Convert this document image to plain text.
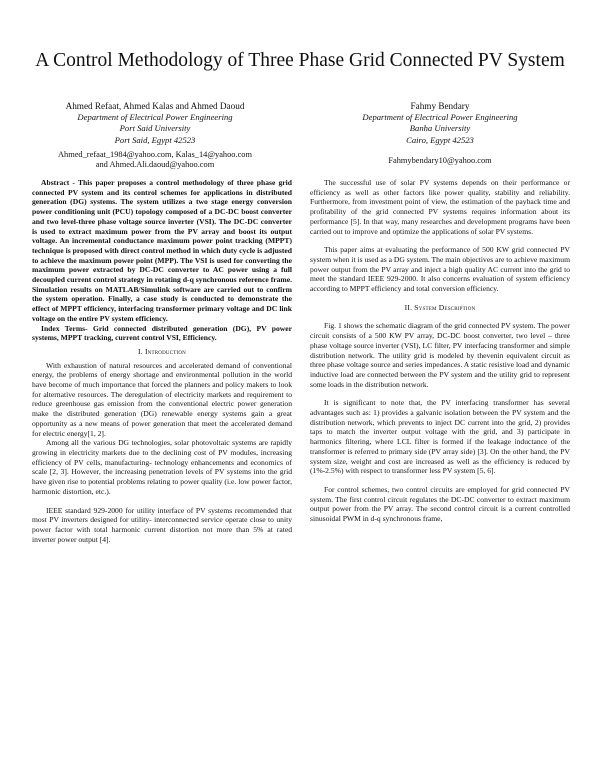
A Control Methodology of Three Phase Grid Connected PV System
Ahmed Refaat, Ahmed Kalas and Ahmed Daoud
Department of Electrical Power Engineering
Port Said University
Port Said, Egypt 42523
Ahmed_refaat_1984@yahoo.com, Kalas_14@yahoo.com
and Ahmed.Ali.daoud@yahoo.com
Fahmy Bendary
Department of Electrical Power Engineering
Banha University
Cairo, Egypt 42523
Fahmybendary10@yahoo.com

Abstract - This paper proposes a control methodology of three phase grid connected PV system and its control schemes for applications in distributed generation (DG) systems. The system utilizes a two stage energy conversion power conditioning unit (PCU) topology composed of a DC-DC boost converter and two level-three phase voltage source inverter (VSI). The DC-DC converter is used to extract maximum power from the PV array and boost its output voltage. An incremental conductance maximum power point tracking (MPPT) technique is proposed with direct control method in which duty cycle is adjusted to achieve the maximum power point (MPP). The VSI is used for converting the maximum power extracted by DC-DC converter to AC power using a full decoupled current control strategy in rotating d-q synchronous reference frame. Simulation results on MATLAB/Simulink software are carried out to confirm the system operation. Finally, a case study is conducted to demonstrate the effect of MPPT efficiency, interfacing transformer primary voltage and DC link voltage on the entire PV system efficiency.

Index Terms- Grid connected distributed generation (DG), PV power systems, MPPT tracking, current control VSI, Efficiency.

I. Introduction

With exhaustion of natural resources and accelerated demand of conventional energy, the problems of energy shortage and environmental pollution in the world have become of much importance that forced the planners and policy makers to look for alternative resources. The deregulation of electricity markets and requirement to reduce greenhouse gas emission from the conventional electric power generation make the distributed generation (DG) renewable energy systems gain a great opportunity as a new means of power generation that meet the accelerated demand for electric energy[1, 2].

Among all the various DG technologies, solar photovoltaic systems are rapidly growing in electricity markets due to the declining cost of PV modules, increasing efficiency of PV cells, manufacturing- technology enhancements and economics of scale [2, 3]. However, the increasing penetration levels of PV systems into the grid have given rise to potential problems relating to power quality (i.e. low power factor, harmonic distortion, etc.).

IEEE standard 929-2000 for utility interface of PV systems recommended that most PV inverters designed for utility- interconnected service operate close to unity power factor with total harmonic current distortion not more than 5% at rated inverter power output [4].

The successful use of solar PV systems depends on their performance or efficiency as well as other factors like power quality, stability and reliability. Furthermore, from investment point of view, the estimation of the payback time and profitability of the grid connected PV systems requires information about its performance [5]. In that way, many researches and development programs have been carried out to improve and optimize the applications of solar PV systems.

This paper aims at evaluating the performance of 500 KW grid connected PV system when it is used as a DG system. The main objectives are to achieve maximum power output from the PV array and inject a high quality AC current into the grid to meet the standard IEEE 929-2000. It also concerns evaluation of system efficiency according to MPPT efficiency and total conversion efficiency.

II. System Description

Fig. 1 shows the schematic diagram of the grid connected PV system. The power circuit consists of a 500 KW PV array, DC-DC boost converter, two level – three phase voltage source inverter (VSI), LC filter, PV interfacing transformer and simple distribution network. The utility grid is modeled by thevenin equivalent circuit as three phase voltage source and series impedances. A static resistive load and dynamic inductive load are connected between the PV system and the utility grid to represent some loads in the distribution network.

It is significant to note that, the PV interfacing transformer has several advantages such as: 1) provides a galvanic isolation between the PV system and the distribution network, which prevents to inject DC current into the grid, 2) provides taps to match the inverter output voltage with the grid, and 3) participate in harmonics filtering, where LCL filter is formed if the leakage inductance of the transformer is referred to primary side (PV array side) [3]. On the other hand, the PV system size, weight and cost are increased as well as the efficiency is reduced by (1%-2.5%) with respect to transformer less PV system [5, 6].

For control schemes, two control circuits are employed for grid connected PV system. The first control circuit regulates the DC-DC converter to extract maximum output power from the PV array. The second control circuit is a current controlled sinusoidal PWM in d-q synchronous frame,
